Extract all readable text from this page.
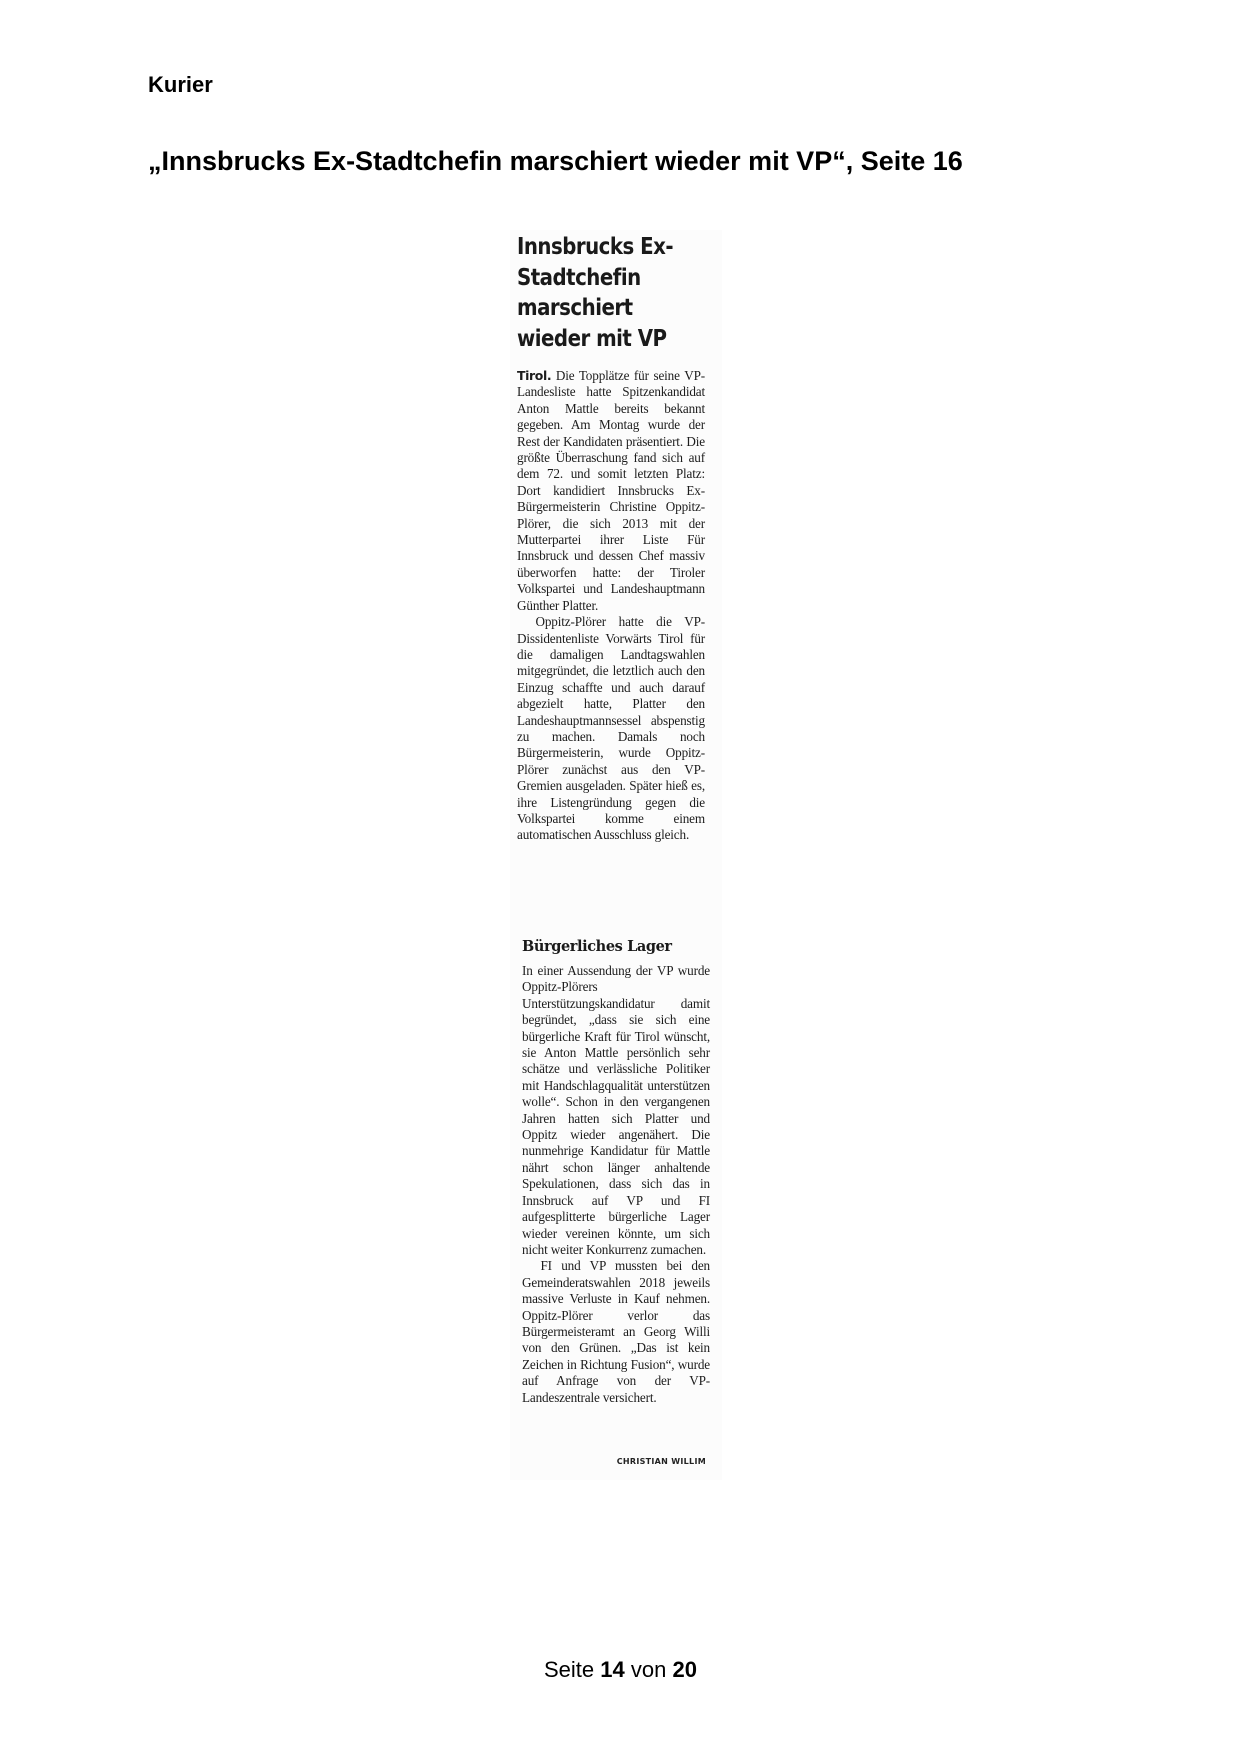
Kurier
„Innsbrucks Ex-Stadtchefin marschiert wieder mit VP“, Seite 16
Innsbrucks Ex-Stadtchefin marschiert wieder mit VP

Tirol. Die Topplätze für seine VP-Landesliste hatte Spitzenkandidat Anton Mattle bereits bekannt gegeben. Am Montag wurde der Rest der Kandidaten präsentiert. Die größte Überraschung fand sich auf dem 72. und somit letzten Platz: Dort kandidiert Innsbrucks Ex-Bürgermeisterin Christine Oppitz-Plörer, die sich 2013 mit der Mutterpartei ihrer Liste Für Innsbruck und dessen Chef massiv überworfen hatte: der Tiroler Volkspartei und Landeshauptmann Günther Platter.

Oppitz-Plörer hatte die VP-Dissidentenliste Vorwärts Tirol für die damaligen Landtagswahlen mitgegründet, die letztlich auch den Einzug schaffte und auch darauf abgezielt hatte, Platter den Landeshauptmannsessel abspenstig zu machen. Damals noch Bürgermeisterin, wurde Oppitz-Plörer zunächst aus den VP-Gremien ausgeladen. Später hieß es, ihre Listengründung gegen die Volkspartei komme einem automatischen Ausschluss gleich.

Bürgerliches Lager

In einer Aussendung der VP wurde Oppitz-Plörers Unterstützungskandidatur damit begründet, „dass sie sich eine bürgerliche Kraft für Tirol wünscht, sie Anton Mattle persönlich sehr schätze und verlässliche Politiker mit Handschlagqualität unterstützen wolle“. Schon in den vergangenen Jahren hatten sich Platter und Oppitz wieder angenähert. Die nunmehrige Kandidatur für Mattle nährt schon länger anhaltende Spekulationen, dass sich das in Innsbruck auf VP und FI aufgesplitterte bürgerliche Lager wieder vereinen könnte, um sich nicht weiter Konkurrenz zumachen.

FI und VP mussten bei den Gemeinderatswahlen 2018 jeweils massive Verluste in Kauf nehmen. Oppitz-Plörer verlor das Bürgermeisteramt an Georg Willi von den Grünen. „Das ist kein Zeichen in Richtung Fusion“, wurde auf Anfrage von der VP-Landeszentrale versichert.

CHRISTIAN WILLIM
Seite 14 von 20
